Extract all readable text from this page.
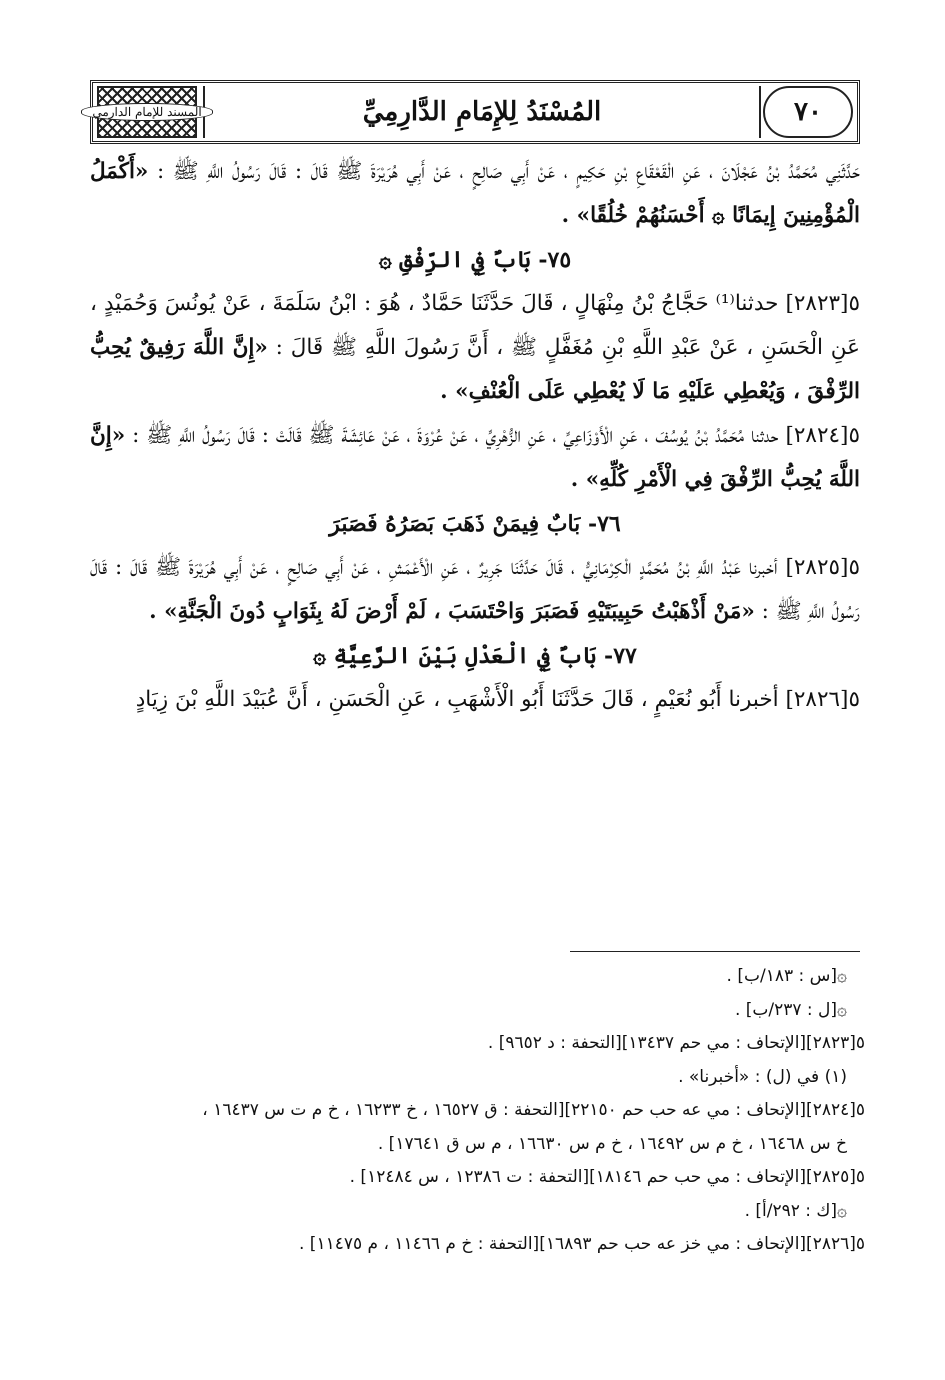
المسند للإمام الدارمي	المُسْنَدُ لِلإِمَامِ الدَّارِمِيِّ	٧٠

حَدَّثَنِي مُحَمَّدُ بْنُ عَجْلَانَ ، عَنِ الْقَعْقَاعِ بْنِ حَكِيمٍ ، عَنْ أَبِي صَالِحٍ ، عَنْ أَبِي هُرَيْرَةَ ﷺ قَالَ : قَالَ رَسُولُ اللَّهِ ﷺ : «أَكْمَلُ الْمُؤْمِنِينَ إِيمَانًا ۞ أَحْسَنُهُمْ خُلُقًا» .

٧٥- بَابٌ فِي الرِّفْقِ ۞

٥[٢٨٢٣] حدثنا⁽¹⁾ حَجَّاجُ بْنُ مِنْهَالٍ ، قَالَ حَدَّثَنَا حَمَّادٌ ، هُوَ : ابْنُ سَلَمَةَ ، عَنْ يُونُسَ وَحُمَيْدٍ ، عَنِ الْحَسَنِ ، عَنْ عَبْدِ اللَّهِ بْنِ مُغَفَّلٍ ﷺ ، أَنَّ رَسُولَ اللَّهِ ﷺ قَالَ : «إِنَّ اللَّهَ رَفِيقٌ يُحِبُّ الرِّفْقَ ، وَيُعْطِي عَلَيْهِ مَا لَا يُعْطِي عَلَى الْعُنْفِ» .

٥[٢٨٢٤] حدثنا مُحَمَّدُ بْنُ يُوسُفَ ، عَنِ الْأَوْزَاعِيِّ ، عَنِ الزُّهْرِيِّ ، عَنْ عُرْوَةَ ، عَنْ عَائِشَةَ ﷺ قَالَتْ : قَالَ رَسُولُ اللَّهِ ﷺ : «إِنَّ اللَّهَ يُحِبُّ الرِّفْقَ فِي الْأَمْرِ كُلِّهِ» .

٧٦- بَابٌ فِيمَنْ ذَهَبَ بَصَرُهُ فَصَبَرَ

٥[٢٨٢٥] أخبرنا عَبْدُ اللَّهِ بْنُ مُحَمَّدٍ الْكِرْمَانِيُّ ، قَالَ حَدَّثَنَا جَرِيرٌ ، عَنِ الْأَعْمَشِ ، عَنْ أَبِي صَالِحٍ ، عَنْ أَبِي هُرَيْرَةَ ﷺ قَالَ : قَالَ رَسُولُ اللَّهِ ﷺ : «مَنْ أَذْهَبْتُ حَبِيبَتَيْهِ فَصَبَرَ وَاحْتَسَبَ ، لَمْ أَرْضَ لَهُ بِثَوَابٍ دُونَ الْجَنَّةِ» .

٧٧- بَابٌ فِي الْعَدْلِ بَيْنَ الرَّعِيَّةِ ۞

٥[٢٨٢٦] أخبرنا أَبُو نُعَيْمٍ ، قَالَ حَدَّثَنَا أَبُو الْأَشْهَبِ ، عَنِ الْحَسَنِ ، أَنَّ عُبَيْدَ اللَّهِ بْنَ زِيَادٍ

۞[س : ١٨٣/ب] .

۞[ل : ٢٣٧/ب] .

٥[٢٨٢٣][الإتحاف : مي حم ١٣٤٣٧][التحفة : د ٩٦٥٢] .

(١) في (ل) : «أخبرنا» .

٥[٢٨٢٤][الإتحاف : مي عه حب حم ٢٢١٥٠][التحفة : ق ١٦٥٢٧ ، خ ١٦٢٣٣ ، خ م ت س ١٦٤٣٧ ،

خ س ١٦٤٦٨ ، خ م س ١٦٤٩٢ ، خ م س ١٦٦٣٠ ، م س ق ١٧٦٤١] .

٥[٢٨٢٥][الإتحاف : مي حب حم ١٨١٤٦][التحفة : ت ١٢٣٨٦ ، س ١٢٤٨٤] .

۞[ك : ٢٩٢/أ] .

٥[٢٨٢٦][الإتحاف : مي خز عه حب حم ١٦٨٩٣][التحفة : خ م ١١٤٦٦ ، م ١١٤٧٥] .
